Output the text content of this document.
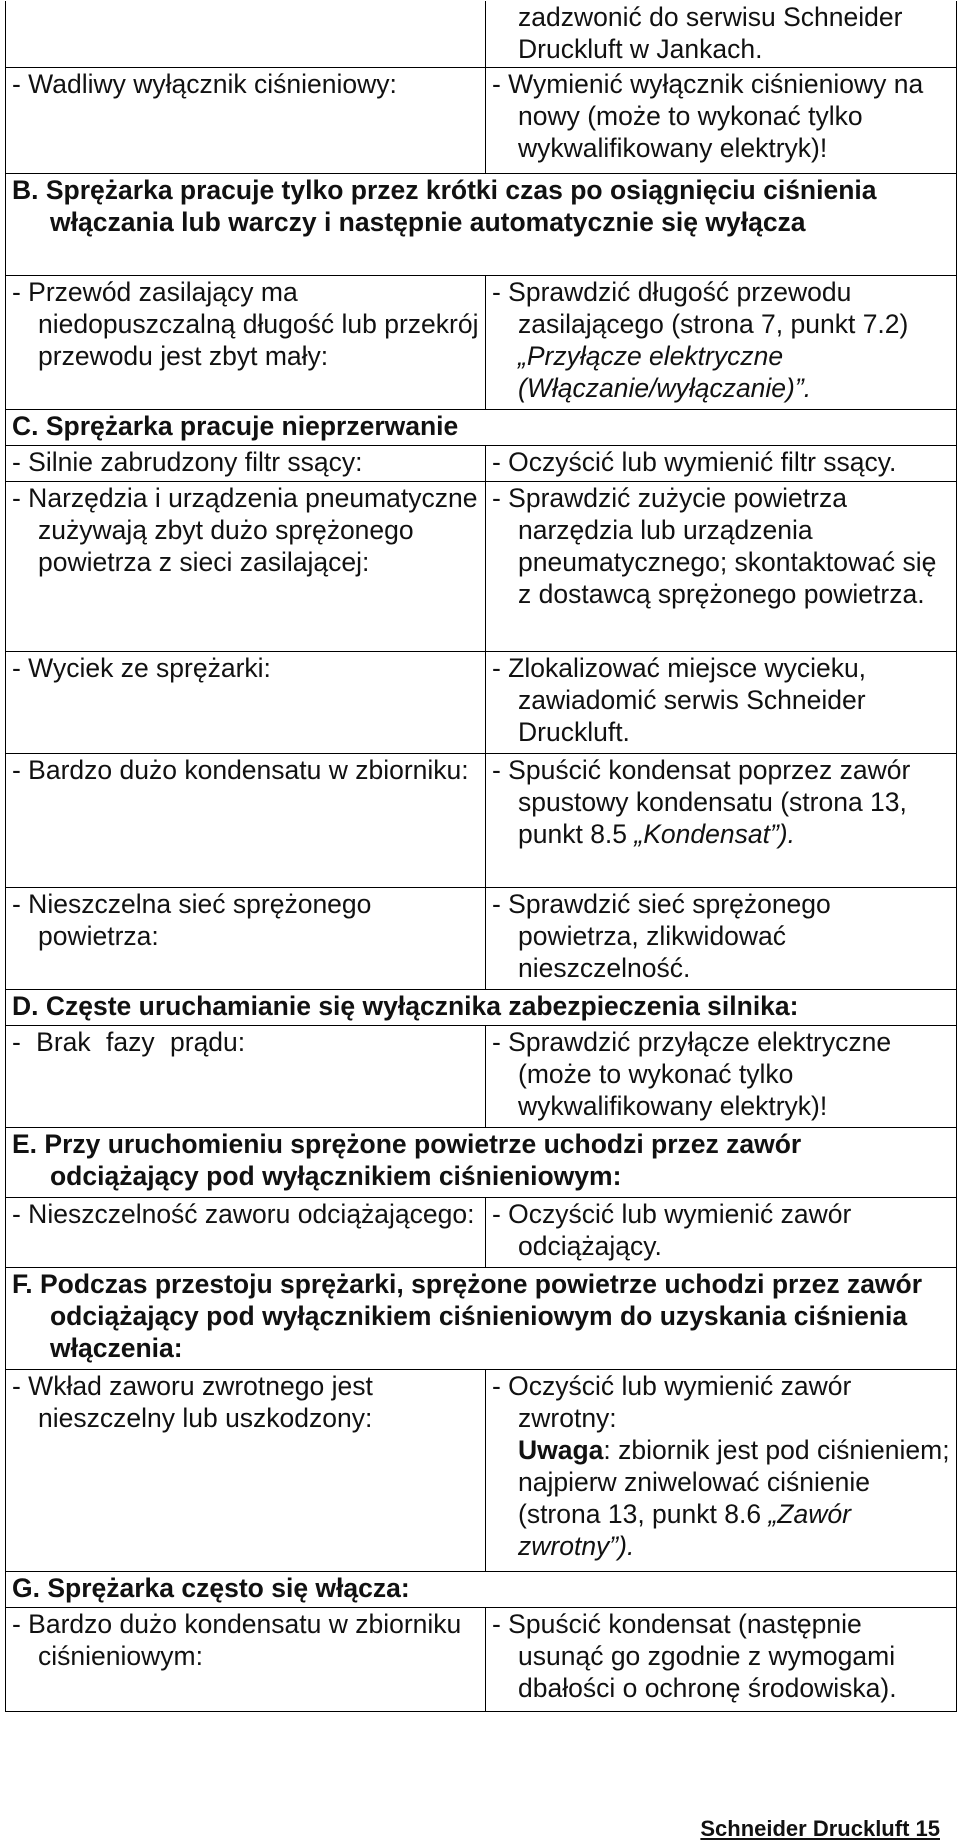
	zadzwonić do serwisu Schneider Druckluft w Jankach.

- Wadliwy wyłącznik ciśnieniowy:	- Wymienić wyłącznik ciśnieniowy na nowy (może to wykonać tylko wykwalifikowany elektryk)!

B. Sprężarka pracuje tylko przez krótki czas po osiągnięciu ciśnienia włączania lub warczy i następnie automatycznie się wyłącza	

- Przewód zasilający ma niedopuszczalną długość lub przekrój przewodu jest zbyt mały:	- Sprawdzić długość przewodu zasilającego (strona 7, punkt 7.2) „Przyłącze elektryczne (Włączanie/wyłączanie)”.

C. Sprężarka pracuje nieprzerwanie	

- Silnie zabrudzony filtr ssący:	- Oczyścić lub wymienić filtr ssący.

- Narzędzia i urządzenia pneumatyczne zużywają zbyt dużo sprężonego powietrza z sieci zasilającej:	- Sprawdzić zużycie powietrza narzędzia lub urządzenia pneumatycznego; skontaktować się z dostawcą sprężonego powietrza.

- Wyciek ze sprężarki:	- Zlokalizować miejsce wycieku, zawiadomić serwis Schneider Druckluft.

- Bardzo dużo kondensatu w zbiorniku:	- Spuścić kondensat poprzez zawór spustowy kondensatu (strona 13, punkt 8.5 „Kondensat”).

- Nieszczelna sieć sprężonego powietrza:	- Sprawdzić sieć sprężonego powietrza, zlikwidować nieszczelność.

D. Częste uruchamianie się wyłącznika zabezpieczenia silnika:	

- Brak fazy prądu:	- Sprawdzić przyłącze elektryczne (może to wykonać tylko wykwalifikowany elektryk)!

E. Przy uruchomieniu sprężone powietrze uchodzi przez zawór odciążający pod wyłącznikiem ciśnieniowym:	

- Nieszczelność zaworu odciążającego:	- Oczyścić lub wymienić zawór odciążający.

F. Podczas przestoju sprężarki, sprężone powietrze uchodzi przez zawór odciążający pod wyłącznikiem ciśnieniowym do uzyskania ciśnienia włączenia:	

- Wkład zaworu zwrotnego jest nieszczelny lub uszkodzony:	- Oczyścić lub wymienić zawór zwrotny:
Uwaga: zbiornik jest pod ciśnieniem; najpierw zniwelować ciśnienie (strona 13, punkt 8.6 „Zawór zwrotny”).

G. Sprężarka często się włącza:	

- Bardzo dużo kondensatu w zbiorniku ciśnieniowym:	- Spuścić kondensat (następnie usunąć go zgodnie z wymogami dbałości o ochronę środowiska).
Schneider Druckluft 15
